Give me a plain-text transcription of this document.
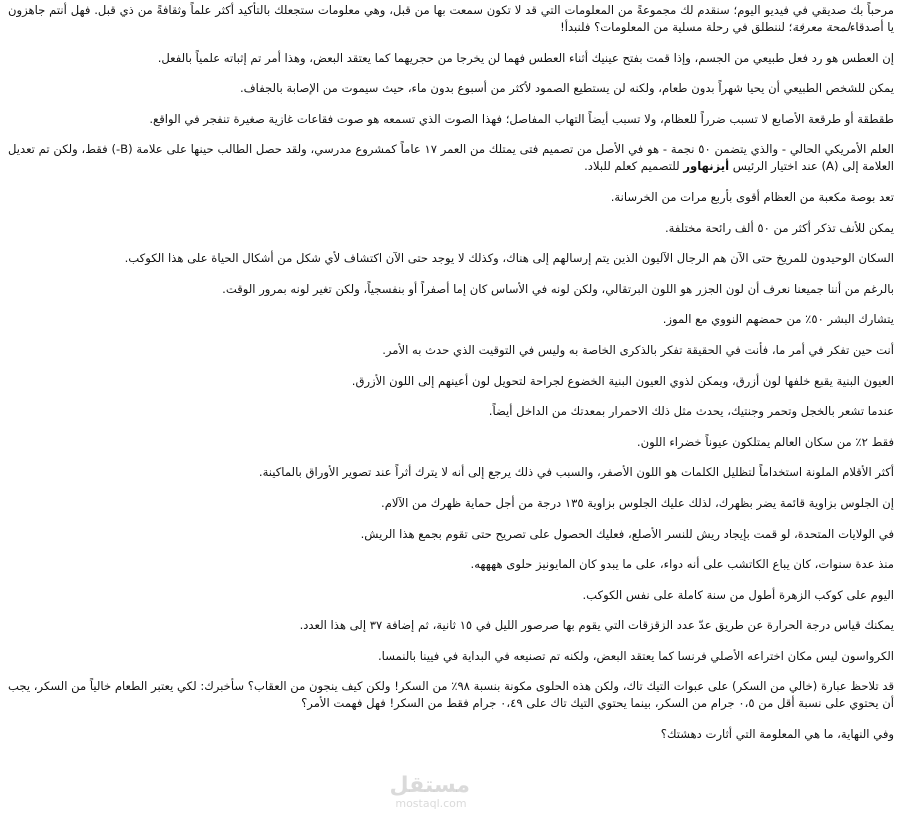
مرحباً بك صديقي في فيديو اليوم؛ سنقدم لك مجموعةً من المعلومات التي قد لا تكون سمعت بها من قبل، وهي معلومات ستجعلك بالتأكيد أكثر علماً وثقافةً من ذي قبل. فهل أنتم جاهزون يا أصدقاءلمحة معرفة؛ لننطلق في رحلة مسلية من المعلومات؟ فلنبدأ!

إن العطس هو رد فعل طبيعي من الجسم، وإذا قمت بفتح عينيك أثناء العطس فهما لن يخرجا من حجريهما كما يعتقد البعض، وهذا أمر تم إثباته علمياً بالفعل.

يمكن للشخص الطبيعي أن يحيا شهراً بدون طعام، ولكنه لن يستطيع الصمود لأكثر من أسبوع بدون ماء، حيث سيموت من الإصابة بالجفاف.

طقطقة أو طرقعة الأصابع لا تسبب ضرراً للعظام، ولا تسبب أيضاً التهاب المفاصل؛ فهذا الصوت الذي تسمعه هو صوت فقاعات غازية صغيرة تنفجر في الواقع.

العلم الأمريكي الحالي - والذي يتضمن ٥٠ نجمة - هو في الأصل من تصميم فتى يمتلك من العمر ١٧ عاماً كمشروع مدرسي، ولقد حصل الطالب حينها على علامة (B-) فقط، ولكن تم تعديل العلامة إلى (A) عند اختيار الرئيس أيزنهاور للتصميم كعلم للبلاد.

تعد بوصة مكعبة من العظام أقوى بأربع مرات من الخرسانة.

يمكن للأنف تذكر أكثر من ٥٠ ألف رائحة مختلفة.

السكان الوحيدون للمريخ حتى الآن هم الرجال الآليون الذين يتم إرسالهم إلى هناك، وكذلك لا يوجد حتى الآن اكتشاف لأي شكل من أشكال الحياة على هذا الكوكب.

بالرغم من أننا جميعنا نعرف أن لون الجزر هو اللون البرتقالي، ولكن لونه في الأساس كان إما أصفراً أو بنفسجياً، ولكن تغير لونه بمرور الوقت.

يتشارك البشر ٥٠٪ من حمضهم النووي مع الموز.

أنت حين تفكر في أمر ما، فأنت في الحقيقة تفكر بالذكرى الخاصة به وليس في التوقيت الذي حدث به الأمر.

العيون البنية يقبع خلفها لون أزرق، ويمكن لذوي العيون البنية الخضوع لجراحة لتحويل لون أعينهم إلى اللون الأزرق.

عندما تشعر بالخجل وتحمر وجنتيك، يحدث مثل ذلك الاحمرار بمعدتك من الداخل أيضاً.

فقط ٢٪ من سكان العالم يمتلكون عيوناً خضراء اللون.

أكثر الأقلام الملونة استخداماً لتظليل الكلمات هو اللون الأصفر، والسبب في ذلك يرجع إلى أنه لا يترك أثراً عند تصوير الأوراق بالماكينة.

إن الجلوس بزاوية قائمة يضر بظهرك، لذلك عليك الجلوس بزاوية ١٣٥ درجة من أجل حماية ظهرك من الآلام.

في الولايات المتحدة، لو قمت بإيجاد ريش للنسر الأصلع، فعليك الحصول على تصريح حتى تقوم بجمع هذا الريش.

منذ عدة سنوات، كان يباع الكاتشب على أنه دواء، على ما يبدو كان المايونيز حلوى ههههه.

اليوم على كوكب الزهرة أطول من سنة كاملة على نفس الكوكب.

يمكنك قياس درجة الحرارة عن طريق عدّ عدد الزقزقات التي يقوم بها صرصور الليل في ١٥ ثانية، ثم إضافة ٣٧ إلى هذا العدد.

الكرواسون ليس مكان اختراعه الأصلي فرنسا كما يعتقد البعض، ولكنه تم تصنيعه في البداية في فيينا بالنمسا.

قد تلاحظ عبارة (خالي من السكر) على عبوات التيك تاك، ولكن هذه الحلوى مكونة بنسبة ٩٨٪ من السكر! ولكن كيف ينجون من العقاب؟ سأخبرك: لكي يعتبر الطعام خالياً من السكر، يجب أن يحتوي على نسبة أقل من ٠،٥ جرام من السكر، بينما يحتوي التيك تاك على ٠،٤٩ جرام فقط من السكر! فهل فهمت الأمر؟

وفي النهاية، ما هي المعلومة التي أثارت دهشتك؟

مستقل
mostaql.com
